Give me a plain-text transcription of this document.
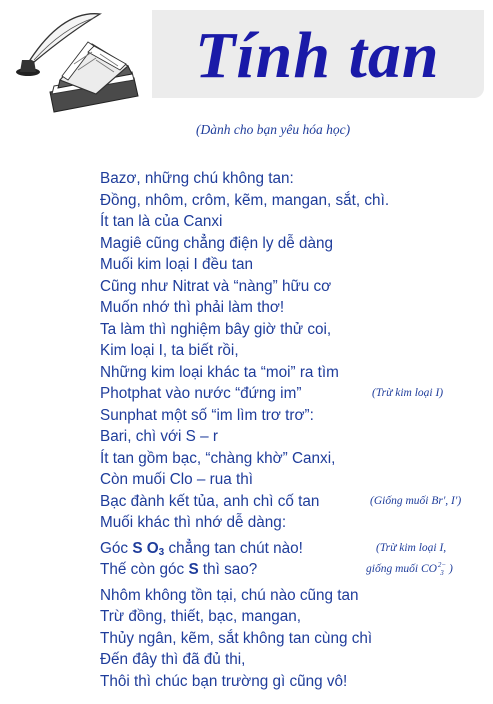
Tính tan
(Dành cho bạn yêu hóa học)
Bazơ, những chú không tan:
Đồng, nhôm, crôm, kẽm, mangan, sắt, chì.
Ít tan là của Canxi
Magiê cũng chẳng điện ly dễ dàng
Muối kim loại I đều tan
Cũng như Nitrat và “nàng” hữu cơ
Muốn nhớ thì phải làm thơ!
Ta làm thì nghiệm bây giờ thử coi,
Kim loại I, ta biết rồi,
Những kim loại khác ta “moi” ra tìm
Photphat vào nước “đứng im”	(Trừ kim loại I)
Sunphat một số “im lìm trơ trơ”:
Bari, chì với S – r
Ít tan gồm bạc, “chàng khờ” Canxi,
Còn muối Clo – rua thì
Bạc đành kết tủa, anh chì cố tan	(Giống muối Br', I')
Muối khác thì nhớ dễ dàng:
Góc S $O_3$ chẳng tan chút nào!	(Trừ kim loại I,
Thế còn góc S thì sao?	giống muối CO2−
3 )
Nhôm không tồn tại, chú nào cũng tan
Trừ đồng, thiết, bạc, mangan,
Thủy ngân, kẽm, sắt không tan cùng chì
Đến đây thì đã đủ thi,
Thôi thì chúc bạn trường gì cũng vô!
